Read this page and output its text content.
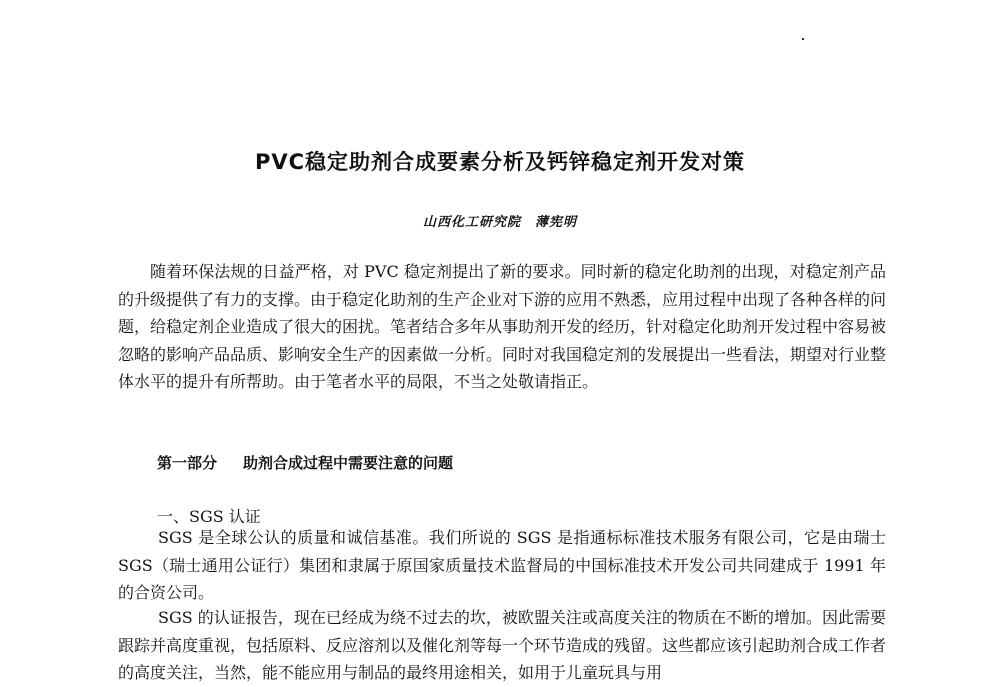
PVC稳定助剂合成要素分析及钙锌稳定剂开发对策
山西化工研究院 薄宪明

随着环保法规的日益严格，对 PVC 稳定剂提出了新的要求。同时新的稳定化助剂的出现，对稳定剂产品的升级提供了有力的支撑。由于稳定化助剂的生产企业对下游的应用不熟悉，应用过程中出现了各种各样的问题，给稳定剂企业造成了很大的困扰。笔者结合多年从事助剂开发的经历，针对稳定化助剂开发过程中容易被忽略的影响产品品质、影响安全生产的因素做一分析。同时对我国稳定剂的发展提出一些看法，期望对行业整体水平的提升有所帮助。由于笔者水平的局限，不当之处敬请指正。

第一部分 助剂合成过程中需要注意的问题
一、SGS 认证

SGS 是全球公认的质量和诚信基准。我们所说的 SGS 是指通标标准技术服务有限公司，它是由瑞士 SGS（瑞士通用公证行）集团和隶属于原国家质量技术监督局的中国标准技术开发公司共同建成于 1991 年的合资公司。

SGS 的认证报告，现在已经成为绕不过去的坎，被欧盟关注或高度关注的物质在不断的增加。因此需要跟踪并高度重视，包括原料、反应溶剂以及催化剂等每一个环节造成的残留。这些都应该引起助剂合成工作者的高度关注，当然，能不能应用与制品的最终用途相关，如用于儿童玩具与用
